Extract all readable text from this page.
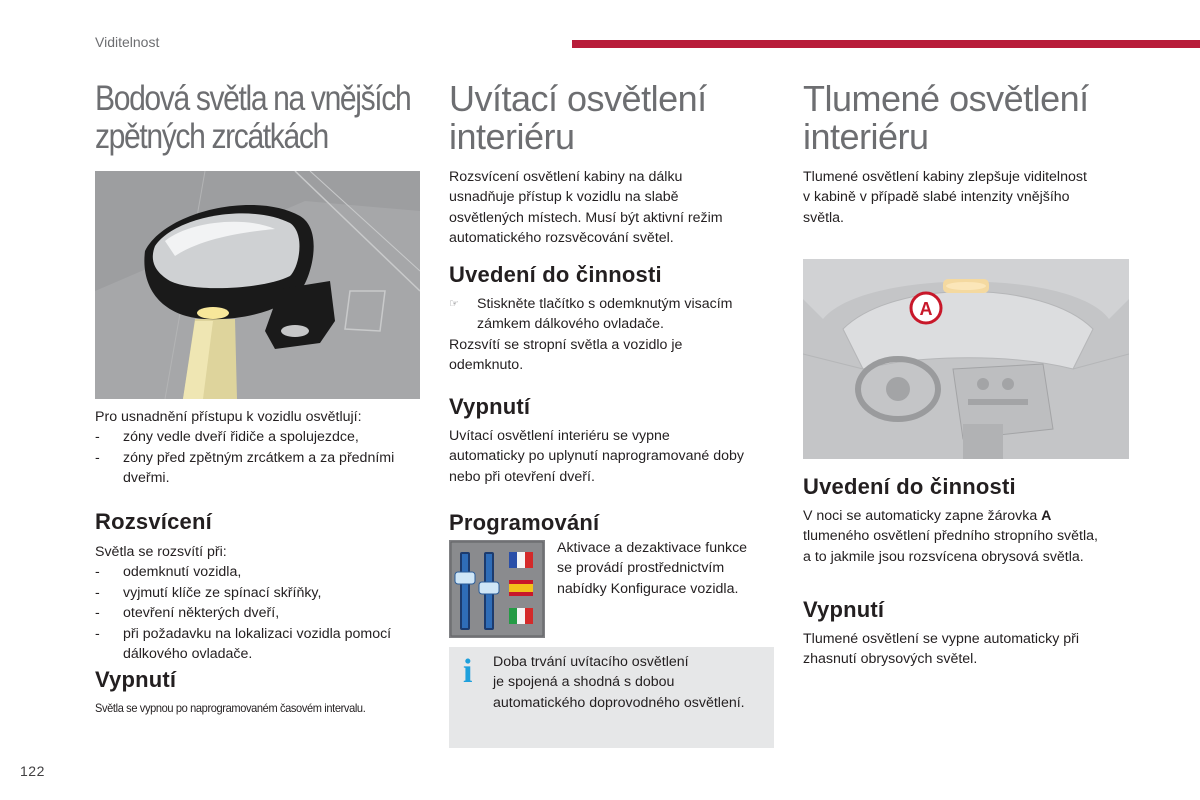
Viditelnost
Bodová světla na vnějších
zpětných zrcátkách

Pro usnadnění přístupu k vozidlu osvětlují:

- zóny vedle dveří řidiče a spolujezdce,
- zóny před zpětným zrcátkem a za předními
dveřmi.
Rozsvícení

Světla se rozsvítí při:

- odemknutí vozidla,
- vyjmutí klíče ze spínací skříňky,
- otevření některých dveří,
- při požadavku na lokalizaci vozidla pomocí
dálkového ovladače.
Vypnutí

Světla se vypnou po naprogramovaném časovém intervalu.

Uvítací osvětlení
interiéru

Rozsvícení osvětlení kabiny na dálku
usnadňuje přístup k vozidlu na slabě
osvětlených místech. Musí být aktivní režim
automatického rozsvěcování světel.

Uvedení do činnosti
☞ Stiskněte tlačítko s odemknutým visacím
zámkem dálkového ovladače.

Rozsvítí se stropní světla a vozidlo je
odemknuto.

Vypnutí

Uvítací osvětlení interiéru se vypne
automaticky po uplynutí naprogramované doby
nebo při otevření dveří.

Programování

Aktivace a dezaktivace funkce
se provádí prostřednictvím
nabídky Konfigurace vozidla.

i Doba trvání uvítacího osvětlení
je spojená a shodná s dobou
automatického doprovodného osvětlení.

Tlumené osvětlení
interiéru

Tlumené osvětlení kabiny zlepšuje viditelnost
v kabině v případě slabé intenzity vnějšího
světla.

A
Uvedení do činnosti

V noci se automaticky zapne žárovka A
tlumeného osvětlení předního stropního světla,
a to jakmile jsou rozsvícena obrysová světla.

Vypnutí

Tlumené osvětlení se vypne automaticky při
zhasnutí obrysových světel.

122
